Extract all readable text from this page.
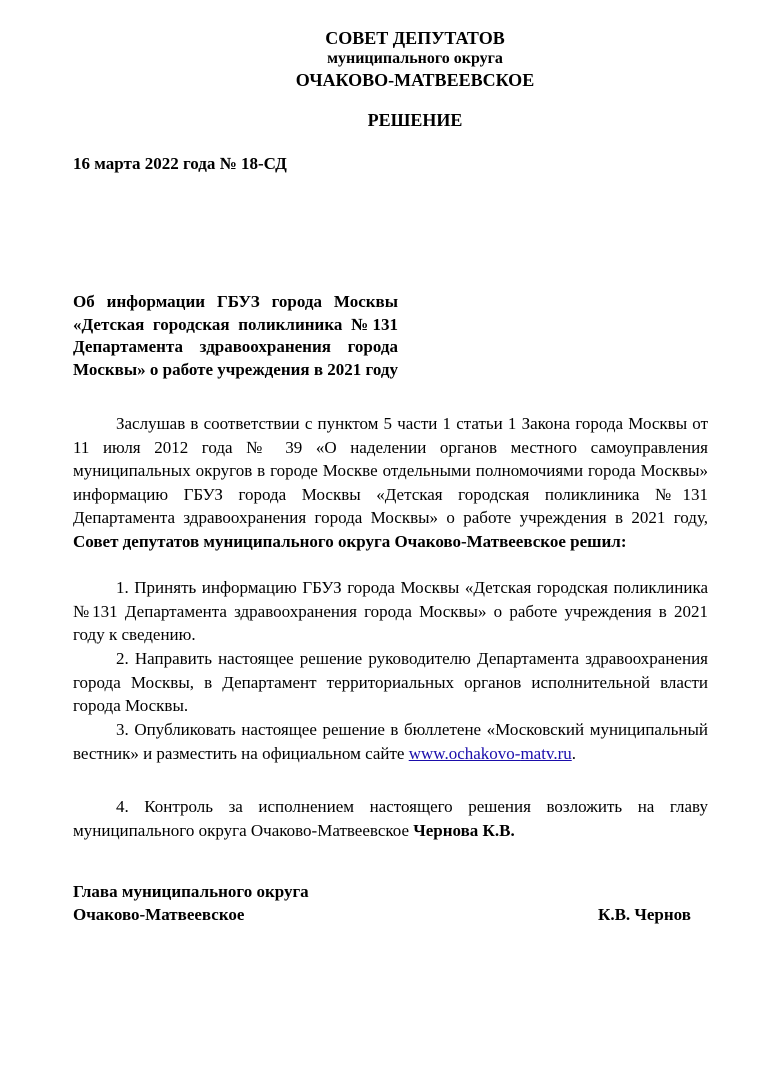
СОВЕТ ДЕПУТАТОВ
муниципального округа
ОЧАКОВО-МАТВЕЕВСКОЕ
РЕШЕНИЕ
16 марта 2022 года № 18-СД
Об информации ГБУЗ города Москвы «Детская городская поликлиника №131 Департамента здравоохранения города Москвы» о работе учреждения в 2021 году

Заслушав в соответствии с пунктом 5 части 1 статьи 1 Закона города Москвы от 11 июля 2012 года № 39 «О наделении органов местного самоуправления муниципальных округов в городе Москве отдельными полномочиями города Москвы» информацию ГБУЗ города Москвы «Детская городская поликлиника №131 Департамента здравоохранения города Москвы» о работе учреждения в 2021 году, Совет депутатов муниципального округа Очаково-Матвеевское решил:

1. Принять информацию ГБУЗ города Москвы «Детская городская поликлиника №131 Департамента здравоохранения города Москвы» о работе учреждения в 2021 году к сведению.

2. Направить настоящее решение руководителю Департамента здравоохранения города Москвы, в Департамент территориальных органов исполнительной власти города Москвы.

3. Опубликовать настоящее решение в бюллетене «Московский муниципальный вестник» и разместить на официальном сайте www.ochakovo-matv.ru.

4. Контроль за исполнением настоящего решения возложить на главу муниципального округа Очаково-Матвеевское Чернова К.В.

Глава муниципального округа
Очаково-Матвеевское	К.В. Чернов
